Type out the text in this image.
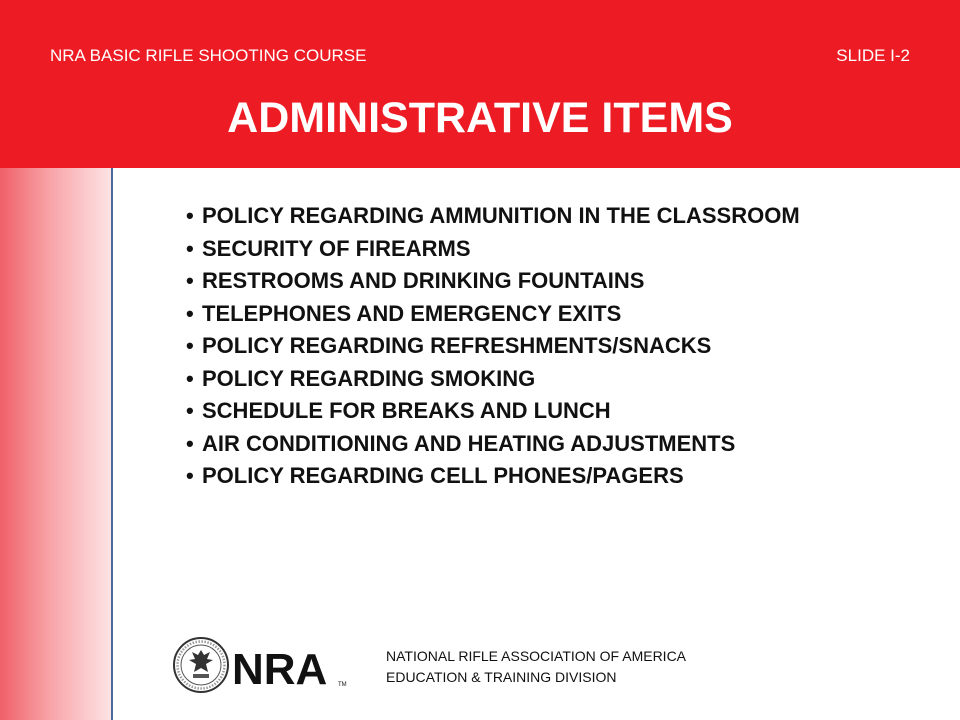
NRA BASIC RIFLE SHOOTING COURSE	SLIDE I-2
ADMINISTRATIVE ITEMS
• POLICY REGARDING AMMUNITION IN THE CLASSROOM
• SECURITY OF FIREARMS
• RESTROOMS AND DRINKING FOUNTAINS
• TELEPHONES AND EMERGENCY EXITS
• POLICY REGARDING REFRESHMENTS/SNACKS
• POLICY REGARDING SMOKING
• SCHEDULE FOR BREAKS AND LUNCH
• AIR CONDITIONING AND HEATING ADJUSTMENTS
• POLICY REGARDING CELL PHONES/PAGERS
NRA TM
NATIONAL RIFLE ASSOCIATION OF AMERICA
EDUCATION & TRAINING DIVISION
